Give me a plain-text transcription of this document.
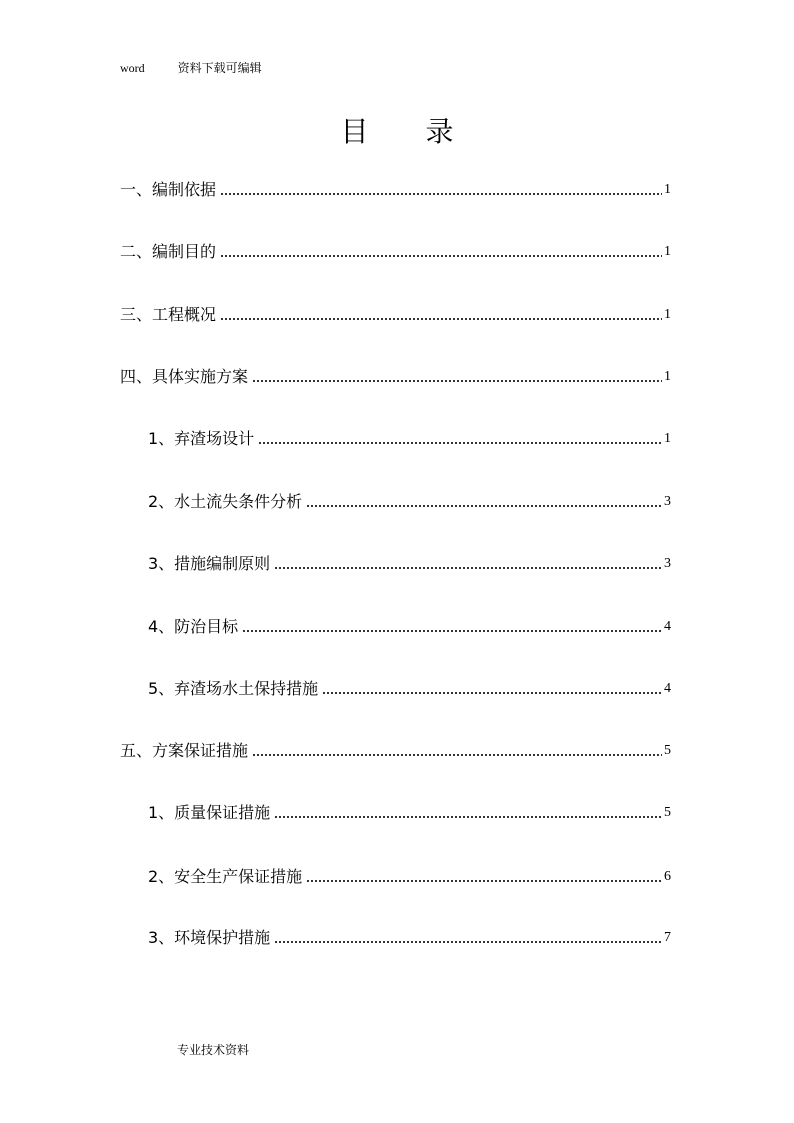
word	资料下载可编辑
目 录
一、编制依据	1
二、编制目的	1
三、工程概况	1
四、具体实施方案	1
1、弃渣场设计	1
2、水土流失条件分析	3
3、措施编制原则	3
4、防治目标	4
5、弃渣场水土保持措施	4
五、方案保证措施	5
1、质量保证措施	5
2、安全生产保证措施	6
3、环境保护措施	7
专业技术资料
